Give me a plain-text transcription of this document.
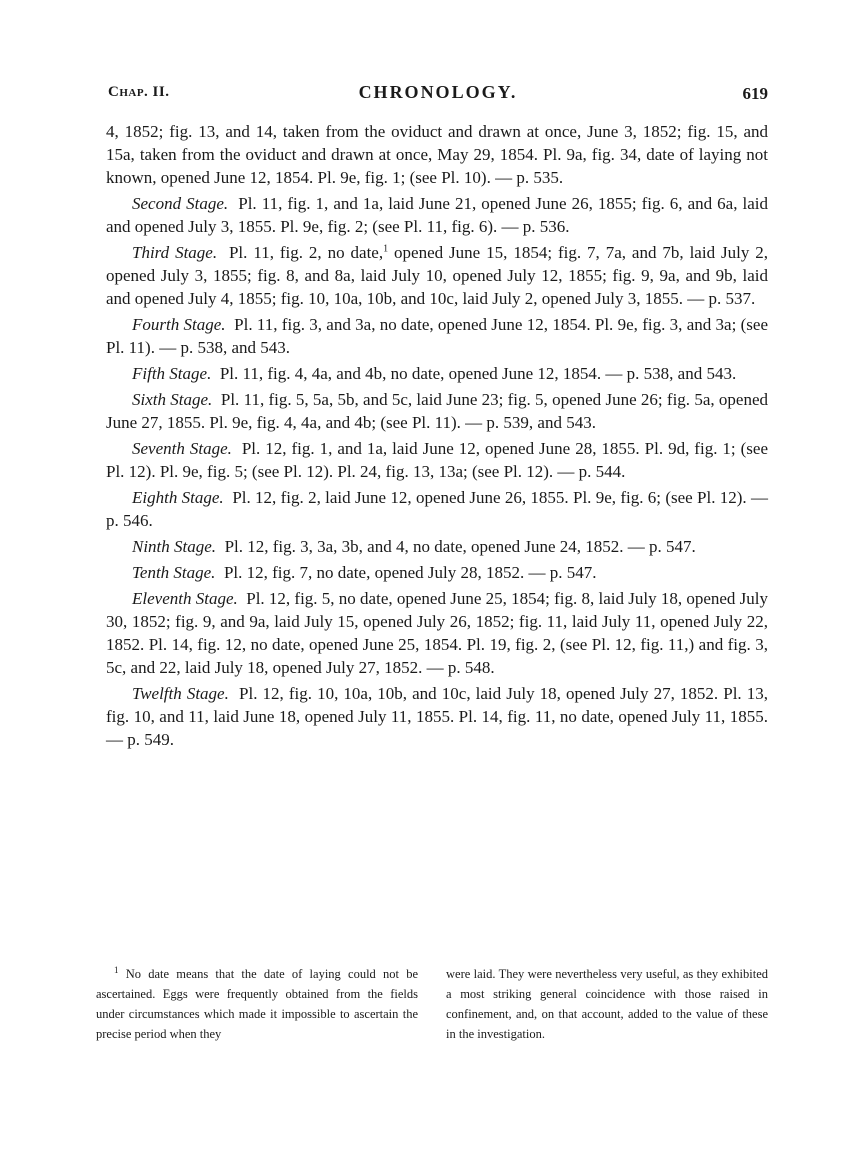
Chap. II.	CHRONOLOGY.	619

4, 1852; fig. 13, and 14, taken from the oviduct and drawn at once, June 3, 1852; fig. 15, and 15a, taken from the oviduct and drawn at once, May 29, 1854. Pl. 9a, fig. 34, date of laying not known, opened June 12, 1854. Pl. 9e, fig. 1; (see Pl. 10). — p. 535.

Second Stage. Pl. 11, fig. 1, and 1a, laid June 21, opened June 26, 1855; fig. 6, and 6a, laid and opened July 3, 1855. Pl. 9e, fig. 2; (see Pl. 11, fig. 6). — p. 536.

Third Stage. Pl. 11, fig. 2, no date,$^1$ opened June 15, 1854; fig. 7, 7a, and 7b, laid July 2, opened July 3, 1855; fig. 8, and 8a, laid July 10, opened July 12, 1855; fig. 9, 9a, and 9b, laid and opened July 4, 1855; fig. 10, 10a, 10b, and 10c, laid July 2, opened July 3, 1855. — p. 537.

Fourth Stage. Pl. 11, fig. 3, and 3a, no date, opened June 12, 1854. Pl. 9e, fig. 3, and 3a; (see Pl. 11). — p. 538, and 543.

Fifth Stage. Pl. 11, fig. 4, 4a, and 4b, no date, opened June 12, 1854. — p. 538, and 543.

Sixth Stage. Pl. 11, fig. 5, 5a, 5b, and 5c, laid June 23; fig. 5, opened June 26; fig. 5a, opened June 27, 1855. Pl. 9e, fig. 4, 4a, and 4b; (see Pl. 11). — p. 539, and 543.

Seventh Stage. Pl. 12, fig. 1, and 1a, laid June 12, opened June 28, 1855. Pl. 9d, fig. 1; (see Pl. 12). Pl. 9e, fig. 5; (see Pl. 12). Pl. 24, fig. 13, 13a; (see Pl. 12). — p. 544.

Eighth Stage. Pl. 12, fig. 2, laid June 12, opened June 26, 1855. Pl. 9e, fig. 6; (see Pl. 12). — p. 546.

Ninth Stage. Pl. 12, fig. 3, 3a, 3b, and 4, no date, opened June 24, 1852. — p. 547.

Tenth Stage. Pl. 12, fig. 7, no date, opened July 28, 1852. — p. 547.

Eleventh Stage. Pl. 12, fig. 5, no date, opened June 25, 1854; fig. 8, laid July 18, opened July 30, 1852; fig. 9, and 9a, laid July 15, opened July 26, 1852; fig. 11, laid July 11, opened July 22, 1852. Pl. 14, fig. 12, no date, opened June 25, 1854. Pl. 19, fig. 2, (see Pl. 12, fig. 11,) and fig. 3, 5c, and 22, laid July 18, opened July 27, 1852. — p. 548.

Twelfth Stage. Pl. 12, fig. 10, 10a, 10b, and 10c, laid July 18, opened July 27, 1852. Pl. 13, fig. 10, and 11, laid June 18, opened July 11, 1855. Pl. 14, fig. 11, no date, opened July 11, 1855. — p. 549.

$^1$ No date means that the date of laying could not be ascertained. Eggs were frequently obtained from the fields under circumstances which made it impossible to ascertain the precise period when they
were laid. They were nevertheless very useful, as they exhibited a most striking general coincidence with those raised in confinement, and, on that account, added to the value of these in the investigation.
